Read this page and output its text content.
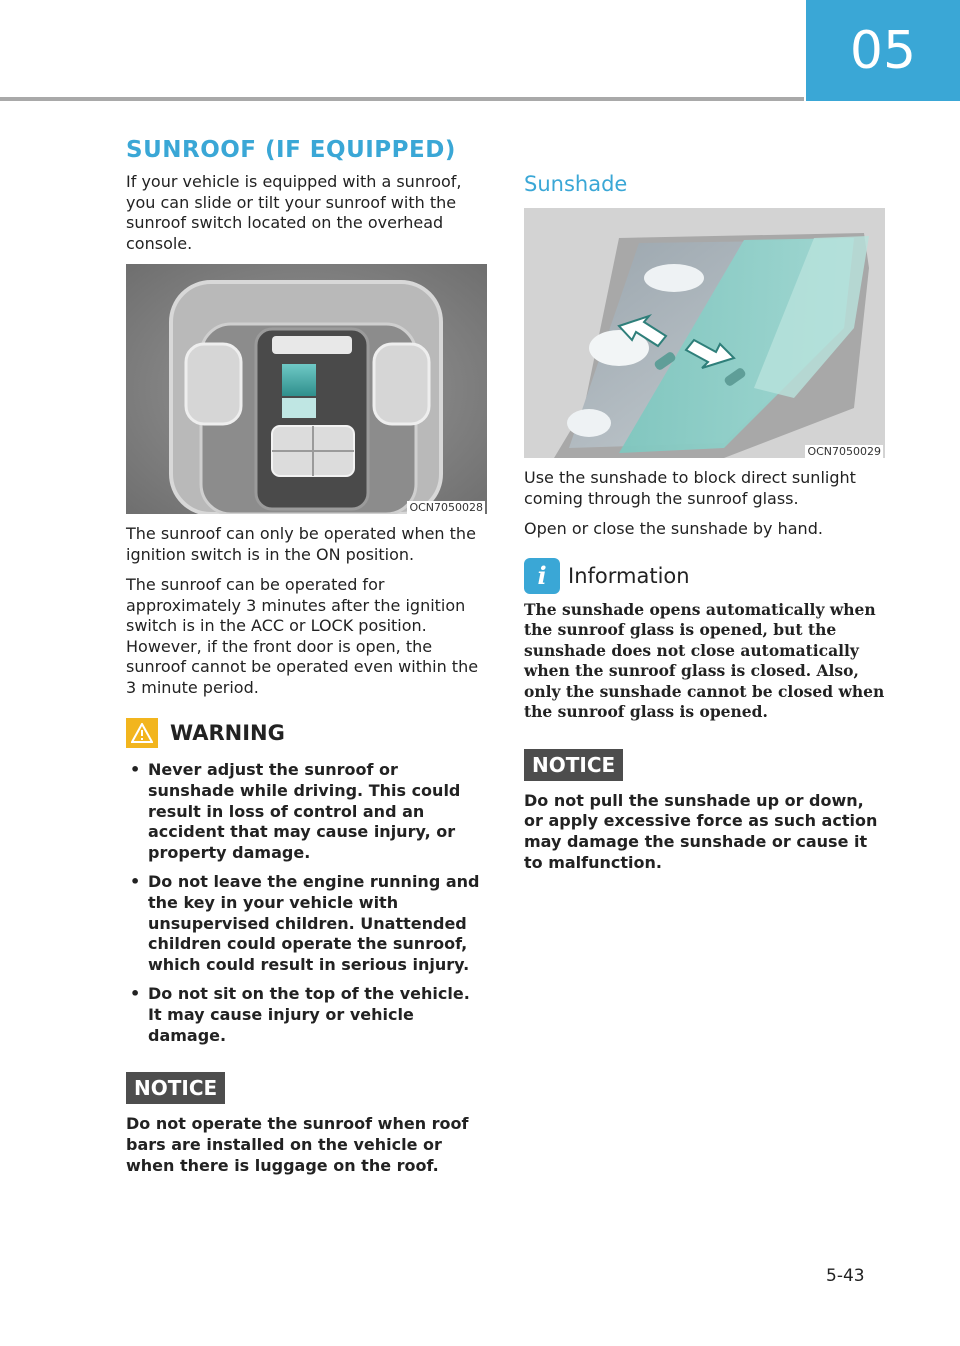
05
SUNROOF (IF EQUIPPED)

If your vehicle is equipped with a sunroof, you can slide or tilt your sunroof with the sunroof switch located on the overhead console.

OCN7050028

The sunroof can only be operated when the ignition switch is in the ON position.

The sunroof can be operated for approximately 3 minutes after the ignition switch is in the ACC or LOCK position. However, if the front door is open, the sunroof cannot be operated even within the 3 minute period.

WARNING
• Never adjust the sunroof or sunshade while driving. This could result in loss of control and an accident that may cause injury, or property damage.
• Do not leave the engine running and the key in your vehicle with unsupervised children. Unattended children could operate the sunroof, which could result in serious injury.
• Do not sit on the top of the vehicle. It may cause injury or vehicle damage.
NOTICE
Do not operate the sunroof when roof bars are installed on the vehicle or when there is luggage on the roof.
Sunshade
OCN7050029

Use the sunshade to block direct sunlight coming through the sunroof glass.

Open or close the sunshade by hand.

i	Information
The sunshade opens automatically when the sunroof glass is opened, but the sunshade does not close automatically when the sunroof glass is closed. Also, only the sunshade cannot be closed when the sunroof glass is opened.
NOTICE
Do not pull the sunshade up or down, or apply excessive force as such action may damage the sunshade or cause it to malfunction.
5-43
